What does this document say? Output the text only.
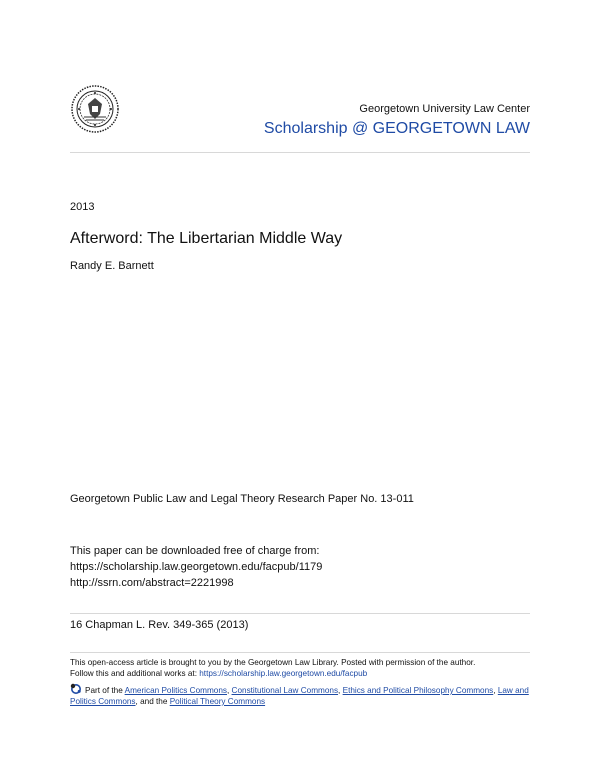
Georgetown University Law Center
Scholarship @ GEORGETOWN LAW
2013
Afterword: The Libertarian Middle Way
Randy E. Barnett
Georgetown Public Law and Legal Theory Research Paper No. 13-011
This paper can be downloaded free of charge from:
https://scholarship.law.georgetown.edu/facpub/1179
http://ssrn.com/abstract=2221998
16 Chapman L. Rev. 349-365 (2013)
This open-access article is brought to you by the Georgetown Law Library. Posted with permission of the author.
Follow this and additional works at: https://scholarship.law.georgetown.edu/facpub
Part of the American Politics Commons, Constitutional Law Commons, Ethics and Political Philosophy Commons, Law and Politics Commons, and the Political Theory Commons
